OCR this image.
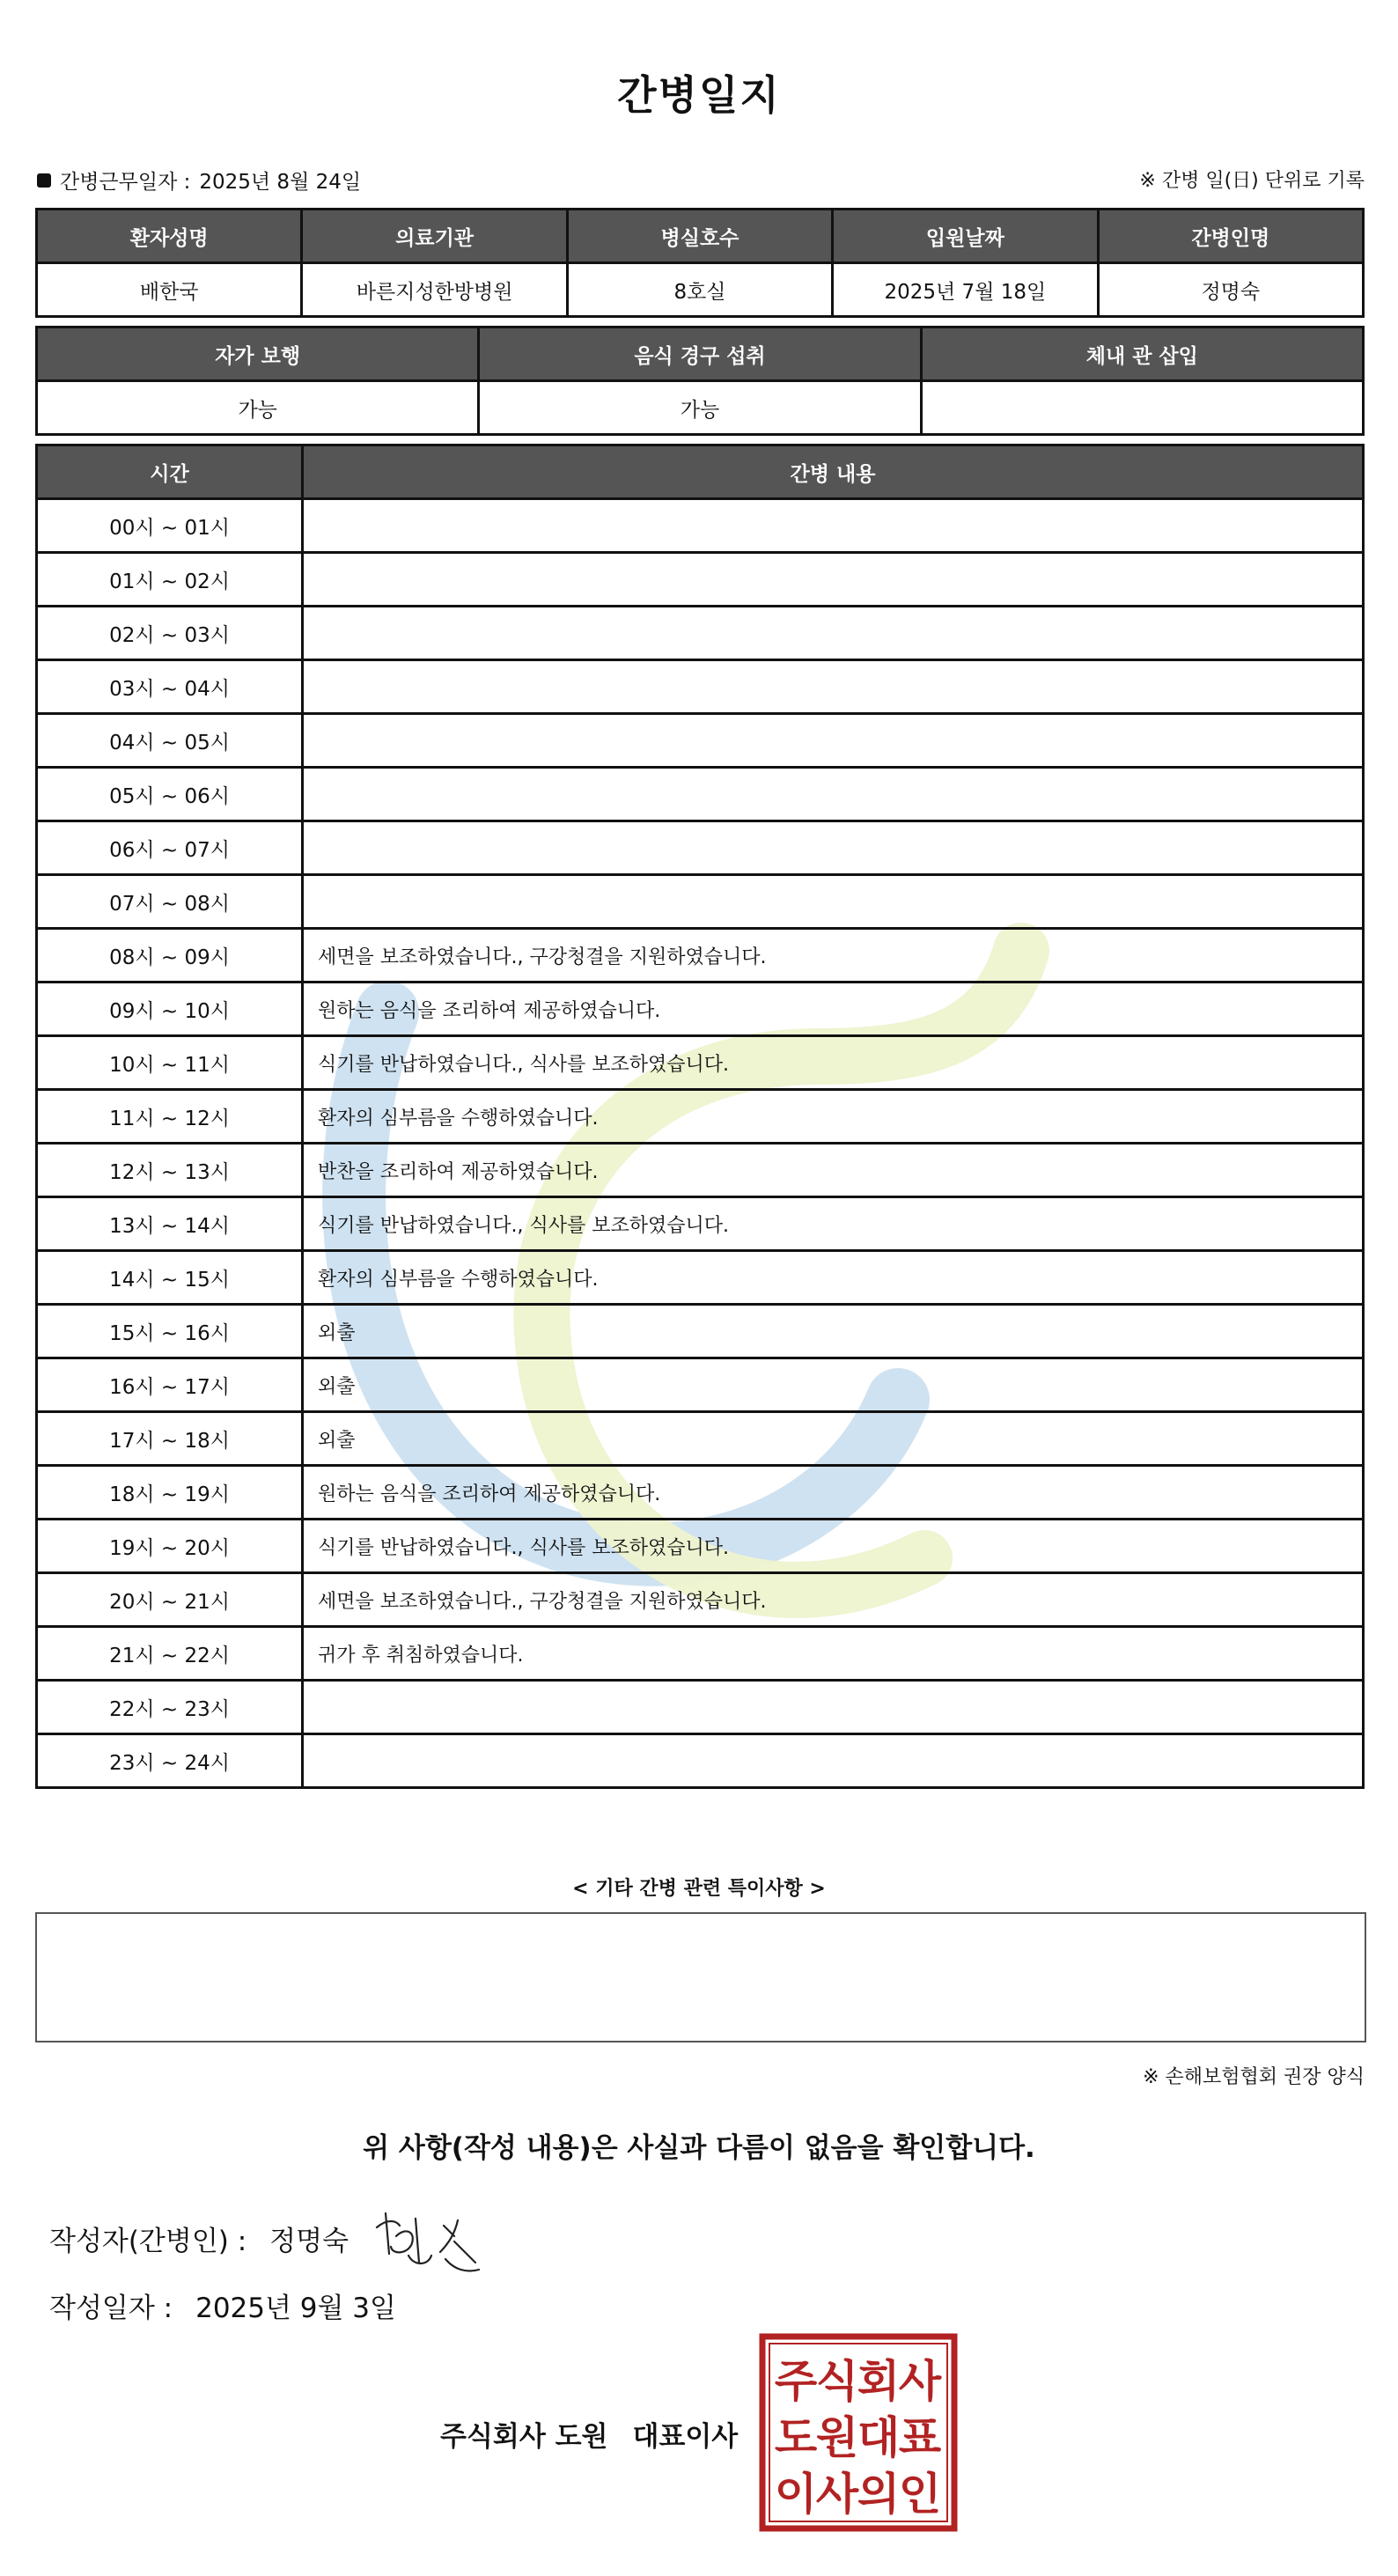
간병일지
간병근무일자 : 2025년 8월 24일	※ 간병 일(日) 단위로 기록
환자성명	의료기관	병실호수	입원날짜	간병인명
배한국	바른지성한방병원	8호실	2025년 7월 18일	정명숙
자가 보행	음식 경구 섭취	체내 관 삽입
가능	가능	
시간	간병 내용
00시 ~ 01시	
01시 ~ 02시	
02시 ~ 03시	
03시 ~ 04시	
04시 ~ 05시	
05시 ~ 06시	
06시 ~ 07시	
07시 ~ 08시	
08시 ~ 09시	세면을 보조하였습니다., 구강청결을 지원하였습니다.
09시 ~ 10시	원하는 음식을 조리하여 제공하였습니다.
10시 ~ 11시	식기를 반납하였습니다., 식사를 보조하였습니다.
11시 ~ 12시	환자의 심부름을 수행하였습니다.
12시 ~ 13시	반찬을 조리하여 제공하였습니다.
13시 ~ 14시	식기를 반납하였습니다., 식사를 보조하였습니다.
14시 ~ 15시	환자의 심부름을 수행하였습니다.
15시 ~ 16시	외출
16시 ~ 17시	외출
17시 ~ 18시	외출
18시 ~ 19시	원하는 음식을 조리하여 제공하였습니다.
19시 ~ 20시	식기를 반납하였습니다., 식사를 보조하였습니다.
20시 ~ 21시	세면을 보조하였습니다., 구강청결을 지원하였습니다.
21시 ~ 22시	귀가 후 취침하였습니다.
22시 ~ 23시	
23시 ~ 24시	
< 기타 간병 관련 특이사항 >
※ 손해보험협회 권장 양식
위 사항(작성 내용)은 사실과 다름이 없음을 확인합니다.
작성자(간병인) : 정명숙
작성일자 : 2025년 9월 3일
주식회사 도원 대표이사
주
식
회
사
도
원
대
표
이
사
의
인
